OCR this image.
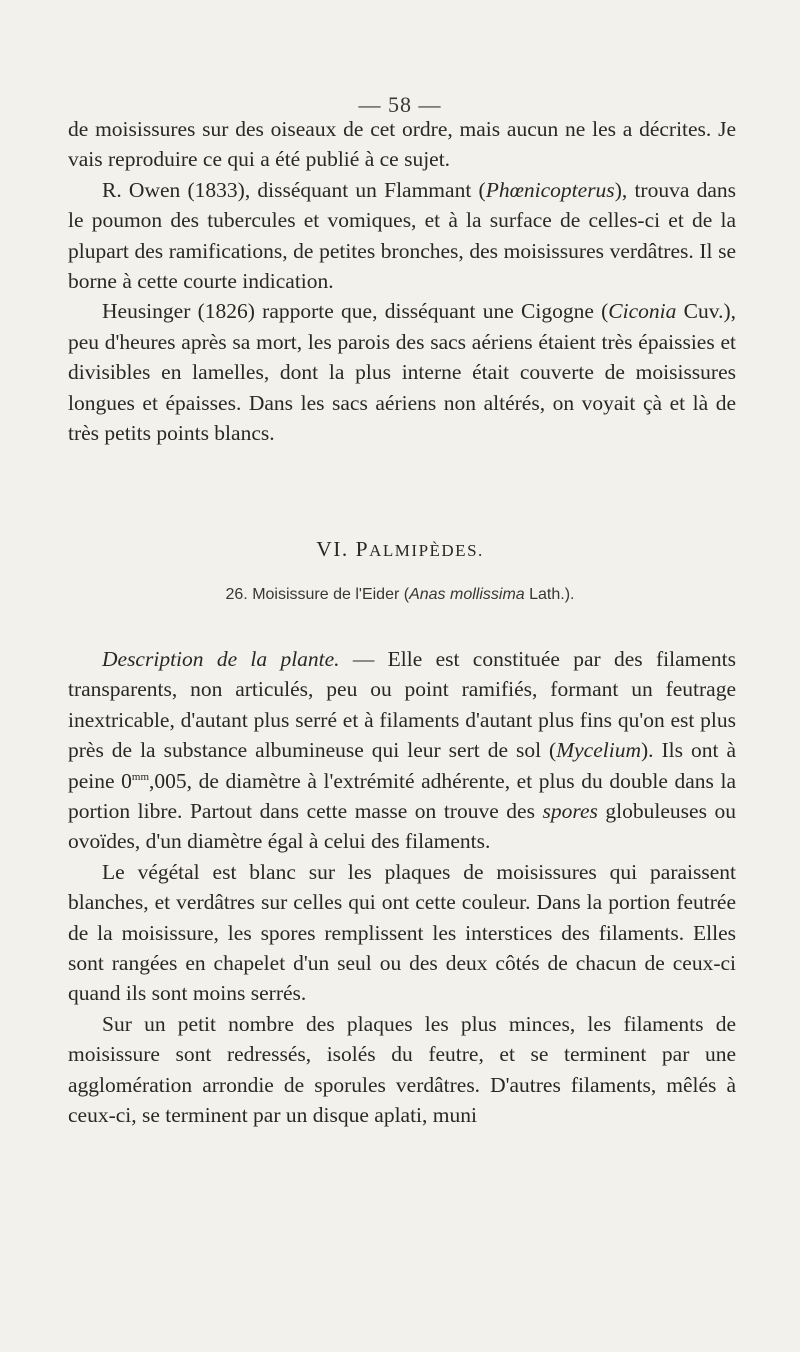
— 58 —

de moisissures sur des oiseaux de cet ordre, mais aucun ne les a décrites. Je vais reproduire ce qui a été publié à ce sujet.

R. Owen (1833), disséquant un Flammant (Phœnicopterus), trouva dans le poumon des tubercules et vomiques, et à la surface de celles-ci et de la plupart des ramifications, de petites bronches, des moisissures verdâtres. Il se borne à cette courte indication.

Heusinger (1826) rapporte que, disséquant une Cigogne (Ciconia Cuv.), peu d'heures après sa mort, les parois des sacs aériens étaient très épaissies et divisibles en lamelles, dont la plus interne était couverte de moisissures longues et épaisses. Dans les sacs aériens non altérés, on voyait çà et là de très petits points blancs.

VI. PALMIPÈDES.
26. Moisissure de l'Eider (Anas mollissima Lath.).

Description de la plante. — Elle est constituée par des filaments transparents, non articulés, peu ou point ramifiés, formant un feutrage inextricable, d'autant plus serré et à filaments d'autant plus fins qu'on est plus près de la substance albumineuse qui leur sert de sol (Mycelium). Ils ont à peine $0^{mm},005$, de diamètre à l'extrémité adhérente, et plus du double dans la portion libre. Partout dans cette masse on trouve des spores globuleuses ou ovoïdes, d'un diamètre égal à celui des filaments.

Le végétal est blanc sur les plaques de moisissures qui paraissent blanches, et verdâtres sur celles qui ont cette couleur. Dans la portion feutrée de la moisissure, les spores remplissent les interstices des filaments. Elles sont rangées en chapelet d'un seul ou des deux côtés de chacun de ceux-ci quand ils sont moins serrés.

Sur un petit nombre des plaques les plus minces, les filaments de moisissure sont redressés, isolés du feutre, et se terminent par une agglomération arrondie de sporules verdâtres. D'autres filaments, mêlés à ceux-ci, se terminent par un disque aplati, muni
